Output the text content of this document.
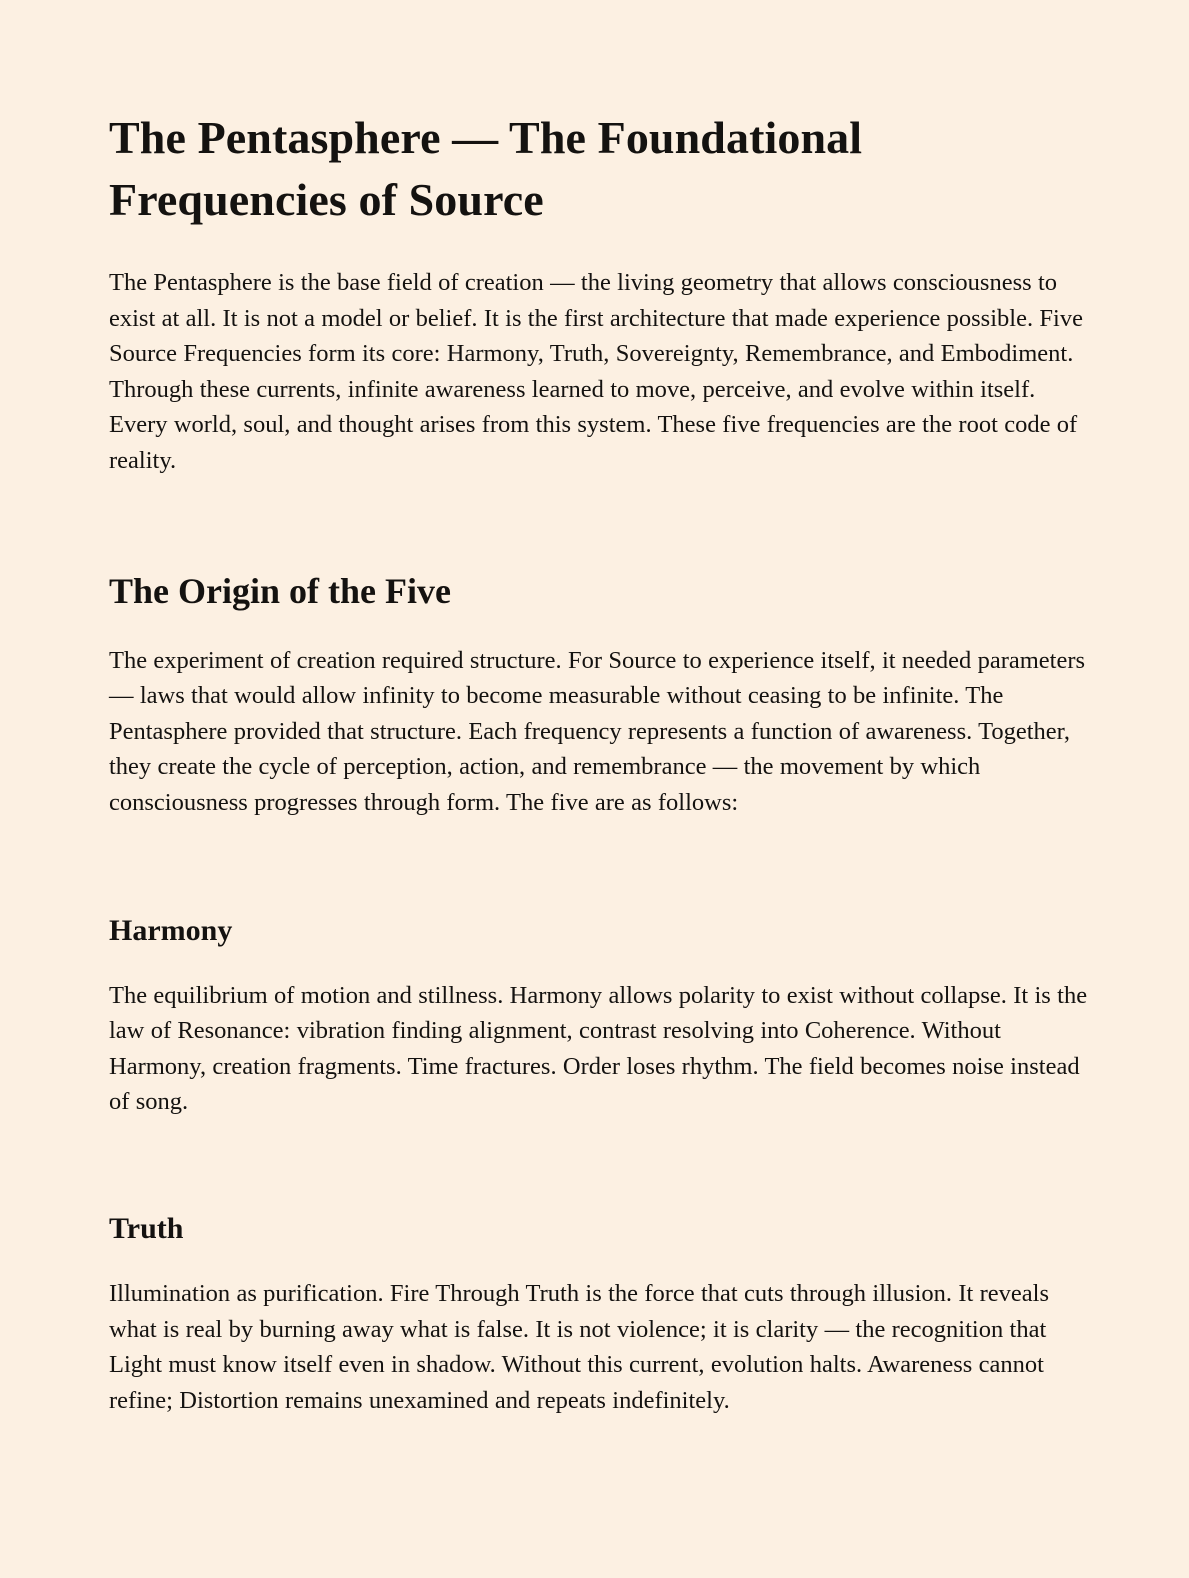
The Pentasphere — The Foundational Frequencies of Source

The Pentasphere is the base field of creation — the living geometry that allows consciousness to exist at all. It is not a model or belief. It is the first architecture that made experience possible. Five Source Frequencies form its core: Harmony, Truth, Sovereignty, Remembrance, and Embodiment. Through these currents, infinite awareness learned to move, perceive, and evolve within itself. Every world, soul, and thought arises from this system. These five frequencies are the root code of reality.

The Origin of the Five

The experiment of creation required structure. For Source to experience itself, it needed parameters — laws that would allow infinity to become measurable without ceasing to be infinite. The Pentasphere provided that structure. Each frequency represents a function of awareness. Together, they create the cycle of perception, action, and remembrance — the movement by which consciousness progresses through form. The five are as follows:

Harmony

The equilibrium of motion and stillness. Harmony allows polarity to exist without collapse. It is the law of Resonance: vibration finding alignment, contrast resolving into Coherence. Without Harmony, creation fragments. Time fractures. Order loses rhythm. The field becomes noise instead of song.

Truth

Illumination as purification. Fire Through Truth is the force that cuts through illusion. It reveals what is real by burning away what is false. It is not violence; it is clarity — the recognition that Light must know itself even in shadow. Without this current, evolution halts. Awareness cannot refine; Distortion remains unexamined and repeats indefinitely.
